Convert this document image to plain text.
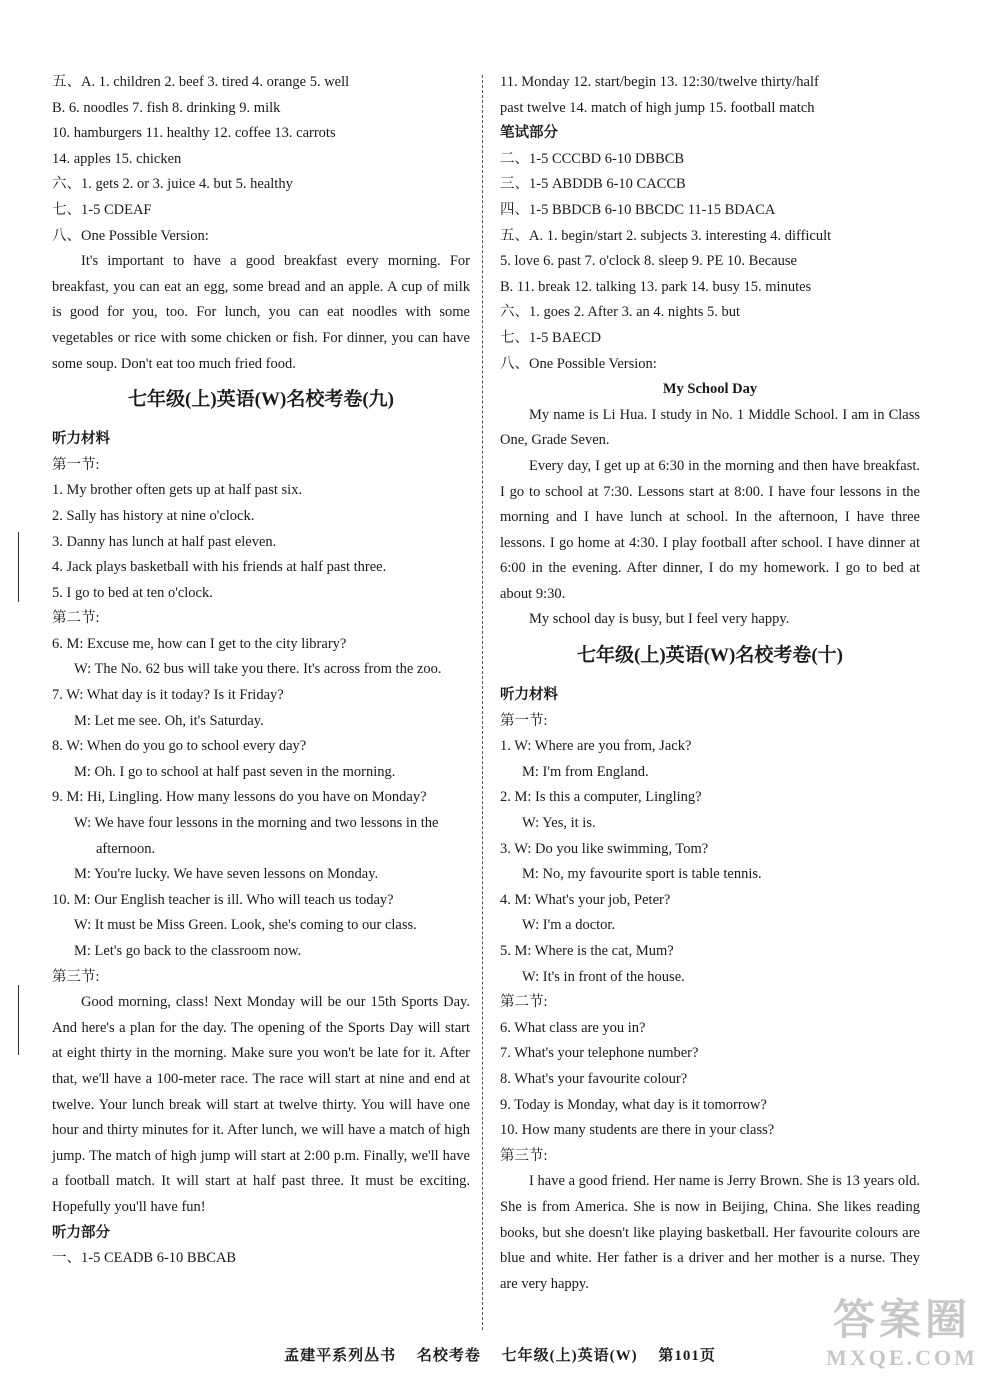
五、A. 1. children 2. beef 3. tired 4. orange 5. well
B. 6. noodles 7. fish 8. drinking 9. milk
10. hamburgers 11. healthy 12. coffee 13. carrots
14. apples 15. chicken
六、1. gets 2. or 3. juice 4. but 5. healthy
七、1-5 CDEAF
八、One Possible Version:

It's important to have a good breakfast every morning. For breakfast, you can eat an egg, some bread and an apple. A cup of milk is good for you, too. For lunch, you can eat noodles with some vegetables or rice with some chicken or fish. For dinner, you can have some soup. Don't eat too much fried food.

七年级(上)英语(W)名校考卷(九)
听力材料
第一节:
1. My brother often gets up at half past six.
2. Sally has history at nine o'clock.
3. Danny has lunch at half past eleven.
4. Jack plays basketball with his friends at half past three.
5. I go to bed at ten o'clock.
第二节:
6. M: Excuse me, how can I get to the city library?
W: The No. 62 bus will take you there. It's across from the zoo.
7. W: What day is it today? Is it Friday?
M: Let me see. Oh, it's Saturday.
8. W: When do you go to school every day?
M: Oh. I go to school at half past seven in the morning.
9. M: Hi, Lingling. How many lessons do you have on Monday?
W: We have four lessons in the morning and two lessons in the afternoon.
M: You're lucky. We have seven lessons on Monday.
10. M: Our English teacher is ill. Who will teach us today?
W: It must be Miss Green. Look, she's coming to our class.
M: Let's go back to the classroom now.
第三节:

Good morning, class! Next Monday will be our 15th Sports Day. And here's a plan for the day. The opening of the Sports Day will start at eight thirty in the morning. Make sure you won't be late for it. After that, we'll have a 100-meter race. The race will start at nine and end at twelve. Your lunch break will start at twelve thirty. You will have one hour and thirty minutes for it. After lunch, we will have a match of high jump. The match of high jump will start at 2:00 p.m. Finally, we'll have a football match. It will start at half past three. It must be exciting. Hopefully you'll have fun!

听力部分
一、1-5 CEADB 6-10 BBCAB
11. Monday 12. start/begin 13. 12:30/twelve thirty/half
past twelve 14. match of high jump 15. football match
笔试部分
二、1-5 CCCBD 6-10 DBBCB
三、1-5 ABDDB 6-10 CACCB
四、1-5 BBDCB 6-10 BBCDC 11-15 BDACA
五、A. 1. begin/start 2. subjects 3. interesting 4. difficult
5. love 6. past 7. o'clock 8. sleep 9. PE 10. Because
B. 11. break 12. talking 13. park 14. busy 15. minutes
六、1. goes 2. After 3. an 4. nights 5. but
七、1-5 BAECD
八、One Possible Version:
My School Day

My name is Li Hua. I study in No. 1 Middle School. I am in Class One, Grade Seven.

Every day, I get up at 6:30 in the morning and then have breakfast. I go to school at 7:30. Lessons start at 8:00. I have four lessons in the morning and I have lunch at school. In the afternoon, I have three lessons. I go home at 4:30. I play football after school. I have dinner at 6:00 in the evening. After dinner, I do my homework. I go to bed at about 9:30.

My school day is busy, but I feel very happy.

七年级(上)英语(W)名校考卷(十)
听力材料
第一节:
1. W: Where are you from, Jack?
M: I'm from England.
2. M: Is this a computer, Lingling?
W: Yes, it is.
3. W: Do you like swimming, Tom?
M: No, my favourite sport is table tennis.
4. M: What's your job, Peter?
W: I'm a doctor.
5. M: Where is the cat, Mum?
W: It's in front of the house.
第二节:
6. What class are you in?
7. What's your telephone number?
8. What's your favourite colour?
9. Today is Monday, what day is it tomorrow?
10. How many students are there in your class?
第三节:

I have a good friend. Her name is Jerry Brown. She is 13 years old. She is from America. She is now in Beijing, China. She likes reading books, but she doesn't like playing basketball. Her favourite colours are blue and white. Her father is a driver and her mother is a nurse. They are very happy.

孟建平系列丛书 名校考卷 七年级(上)英语(W) 第101页
答案圈
MXQE.COM
